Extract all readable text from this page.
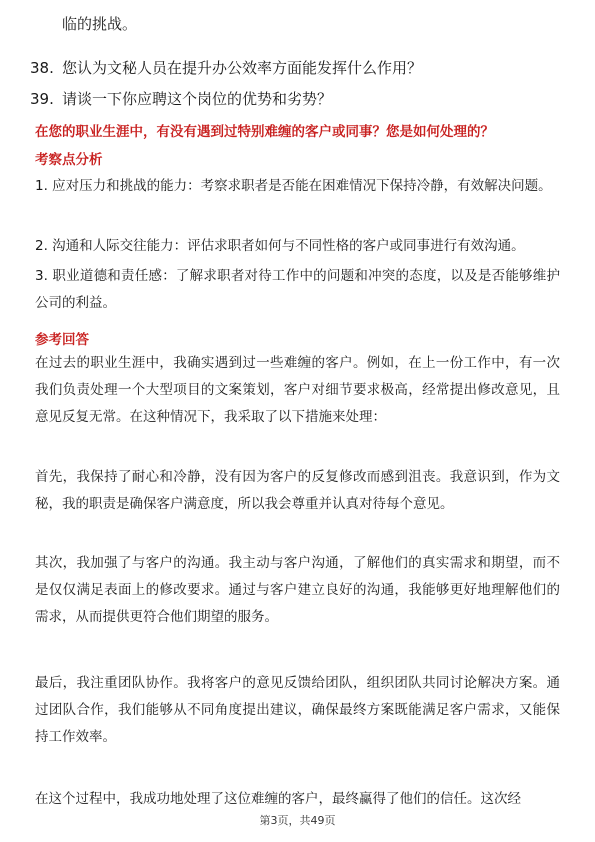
临的挑战。

38. 您认为文秘人员在提升办公效率方面能发挥什么作用？

39. 请谈一下你应聘这个岗位的优势和劣势？

在您的职业生涯中，有没有遇到过特别难缠的客户或同事？您是如何处理的？

考察点分析

1. 应对压力和挑战的能力：考察求职者是否能在困难情况下保持冷静，有效解决问题。

2. 沟通和人际交往能力：评估求职者如何与不同性格的客户或同事进行有效沟通。

3. 职业道德和责任感：了解求职者对待工作中的问题和冲突的态度，以及是否能够维护公司的利益。

参考回答

在过去的职业生涯中，我确实遇到过一些难缠的客户。例如，在上一份工作中，有一次我们负责处理一个大型项目的文案策划，客户对细节要求极高，经常提出修改意见，且意见反复无常。在这种情况下，我采取了以下措施来处理：

首先，我保持了耐心和冷静，没有因为客户的反复修改而感到沮丧。我意识到，作为文秘，我的职责是确保客户满意度，所以我会尊重并认真对待每个意见。

其次，我加强了与客户的沟通。我主动与客户沟通，了解他们的真实需求和期望，而不是仅仅满足表面上的修改要求。通过与客户建立良好的沟通，我能够更好地理解他们的需求，从而提供更符合他们期望的服务。

最后，我注重团队协作。我将客户的意见反馈给团队，组织团队共同讨论解决方案。通过团队合作，我们能够从不同角度提出建议，确保最终方案既能满足客户需求，又能保持工作效率。

在这个过程中，我成功地处理了这位难缠的客户，最终赢得了他们的信任。这次经

第3页，共49页
